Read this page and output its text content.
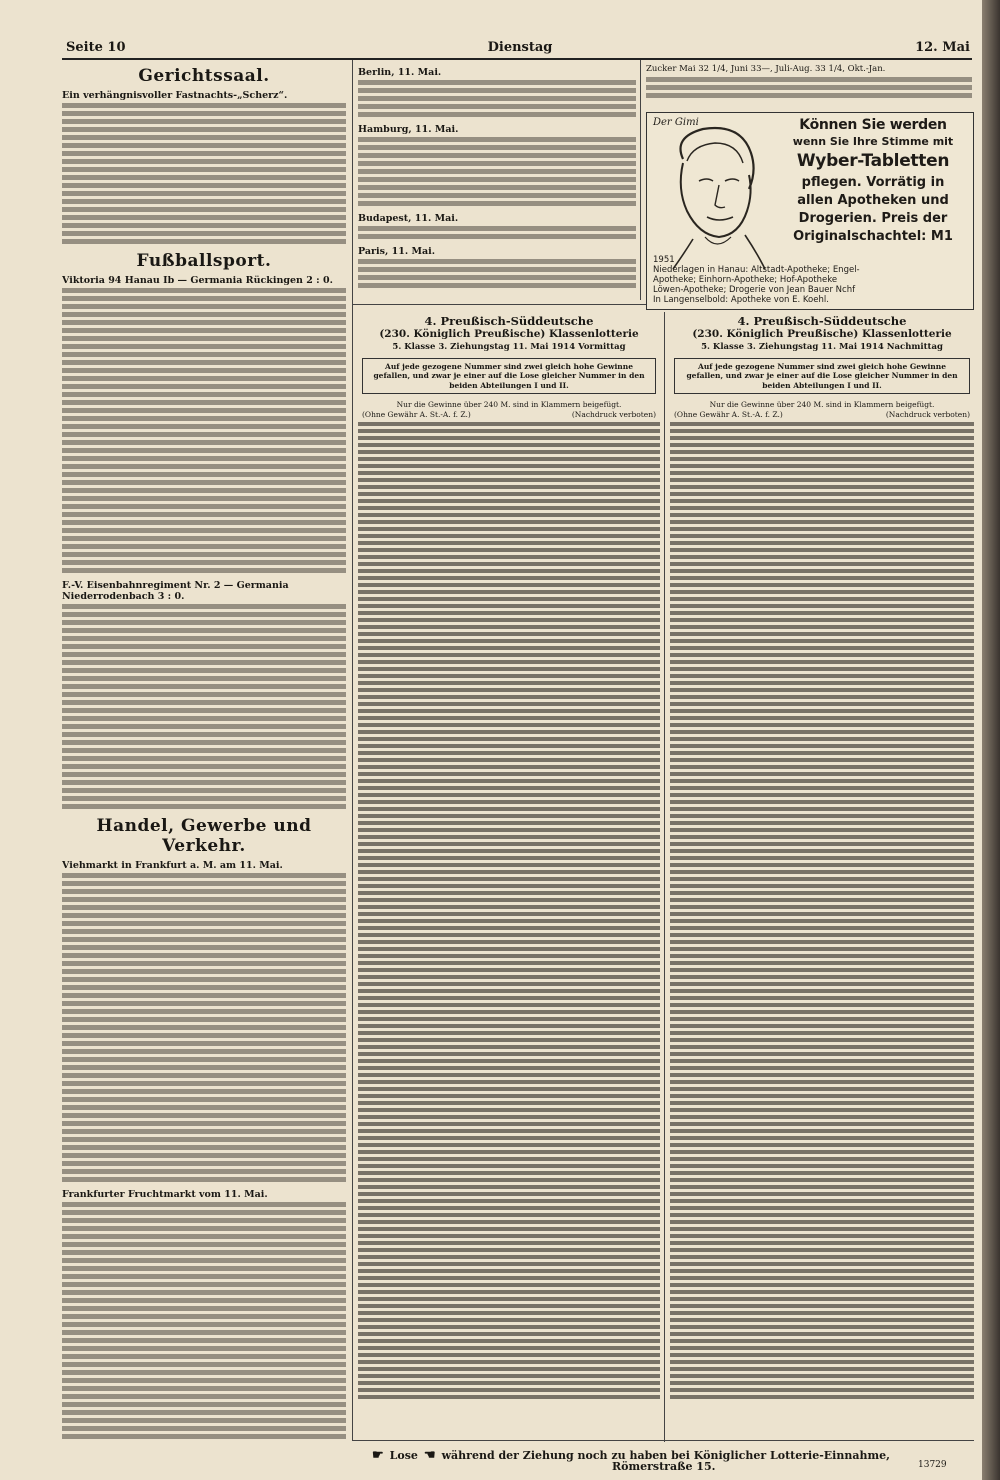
Seite 10	Dienstag	12. Mai
Gerichtssaal.
Ein verhängnisvoller Fastnachts-„Scherz“.
Fußballsport.
Viktoria 94 Hanau Ib — Germania Rückingen 2 : 0.
F.-V. Eisenbahnregiment Nr. 2 — Germania Niederrodenbach 3 : 0.
Handel, Gewerbe und Verkehr.
Viehmarkt in Frankfurt a. M. am 11. Mai.
Frankfurter Fruchtmarkt vom 11. Mai.
Berlin, 11. Mai.
Hamburg, 11. Mai.
Budapest, 11. Mai.
Paris, 11. Mai.
Zucker Mai 32 1/4, Juni 33—, Juli-Aug. 33 1/4, Okt.-Jan.
Der Gimi	Können Sie werden
wenn Sie Ihre Stimme mit
Wyber-Tabletten
pflegen. Vorrätig in
allen Apotheken und
Drogerien. Preis der
Originalschachtel: M1
1951
Niederlagen in Hanau: Altstadt-Apotheke; Engel-
Apotheke; Einhorn-Apotheke; Hof-Apotheke
Löwen-Apotheke; Drogerie von Jean Bauer Nchf
In Langenselbold: Apotheke von E. Koehl.
4. Preußisch-Süddeutsche
(230. Königlich Preußische) Klassenlotterie
5. Klasse 3. Ziehungstag 11. Mai 1914 Vormittag
Auf jede gezogene Nummer sind zwei gleich hohe Gewinne gefallen, und zwar je einer auf die Lose gleicher Nummer in den beiden Abteilungen I und II.
Nur die Gewinne über 240 M. sind in Klammern beigefügt.
(Ohne Gewähr A. St.-A. f. Z.)	(Nachdruck verboten)
4. Preußisch-Süddeutsche
(230. Königlich Preußische) Klassenlotterie
5. Klasse 3. Ziehungstag 11. Mai 1914 Nachmittag
Auf jede gezogene Nummer sind zwei gleich hohe Gewinne gefallen, und zwar je einer auf die Lose gleicher Nummer in den beiden Abteilungen I und II.
Nur die Gewinne über 240 M. sind in Klammern beigefügt.
(Ohne Gewähr A. St.-A. f. Z.)	(Nachdruck verboten)
☛ Lose ☚ während der Ziehung noch zu haben bei Königlicher Lotterie-Einnahme,
Römerstraße 15.	13729
